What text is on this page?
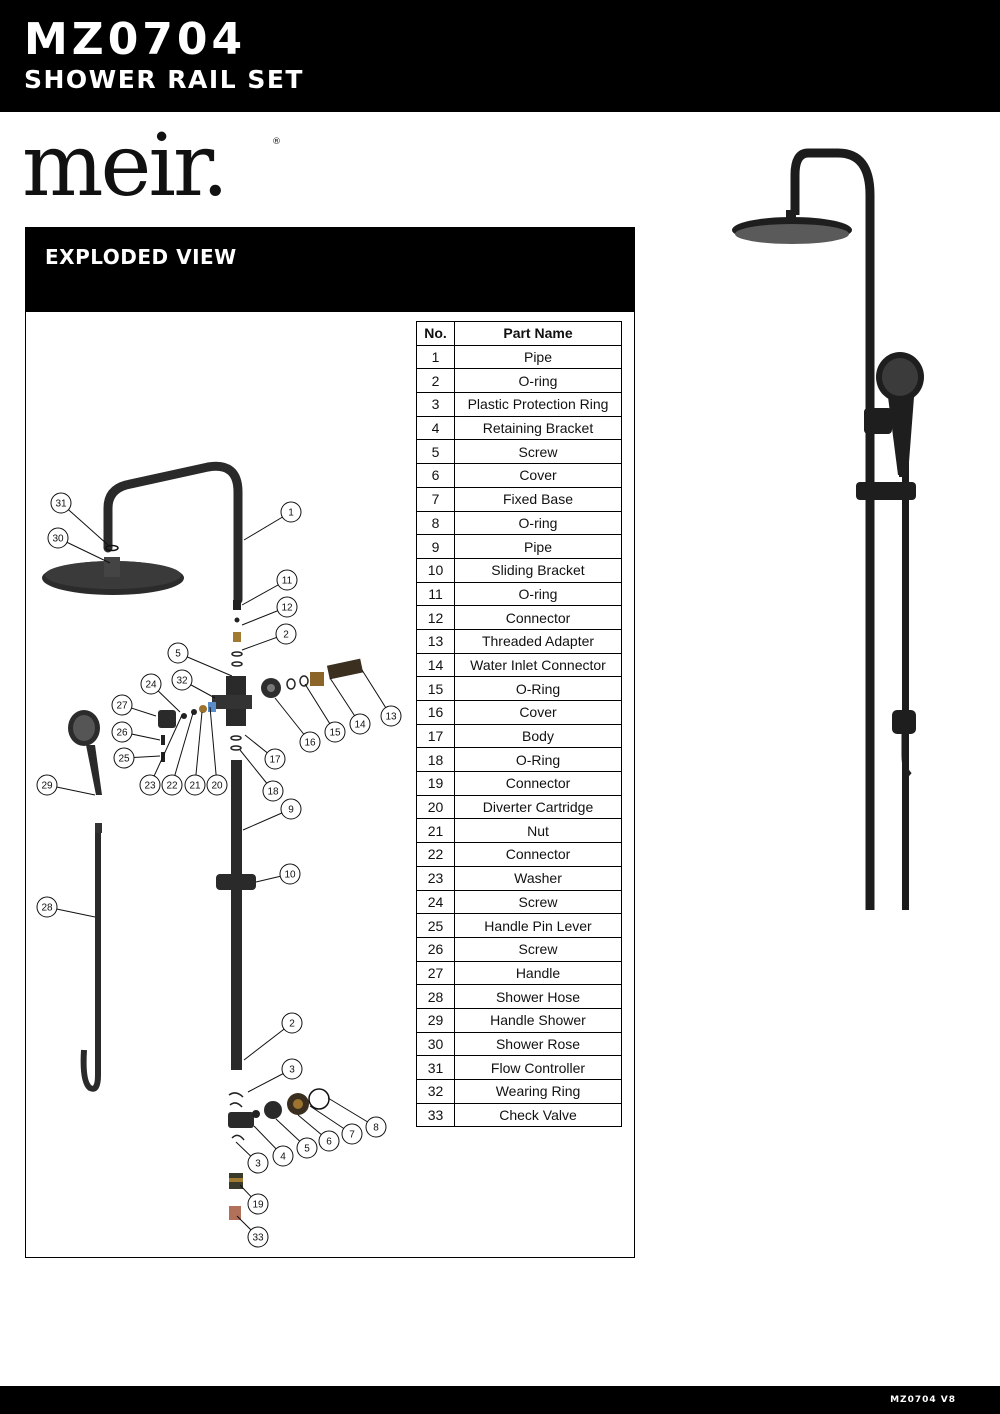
MZ0704
SHOWER RAIL SET
meir.	®
EXPLODED VIEW
31
30
1
11
12
2
5
32
24
27
26
25
23 22 21 20
13
14
15
16
17
18
29
9
10
28
2
3
8
7
6
5
4
3
19
33
No.	Part Name
1	Pipe
2	O-ring
3	Plastic Protection Ring
4	Retaining Bracket
5	Screw
6	Cover
7	Fixed Base
8	O-ring
9	Pipe
10	Sliding Bracket
11	O-ring
12	Connector
13	Threaded Adapter
14	Water Inlet Connector
15	O-Ring
16	Cover
17	Body
18	O-Ring
19	Connector
20	Diverter Cartridge
21	Nut
22	Connector
23	Washer
24	Screw
25	Handle Pin Lever
26	Screw
27	Handle
28	Shower Hose
29	Handle Shower
30	Shower Rose
31	Flow Controller
32	Wearing Ring
33	Check Valve
MZ0704 V8
